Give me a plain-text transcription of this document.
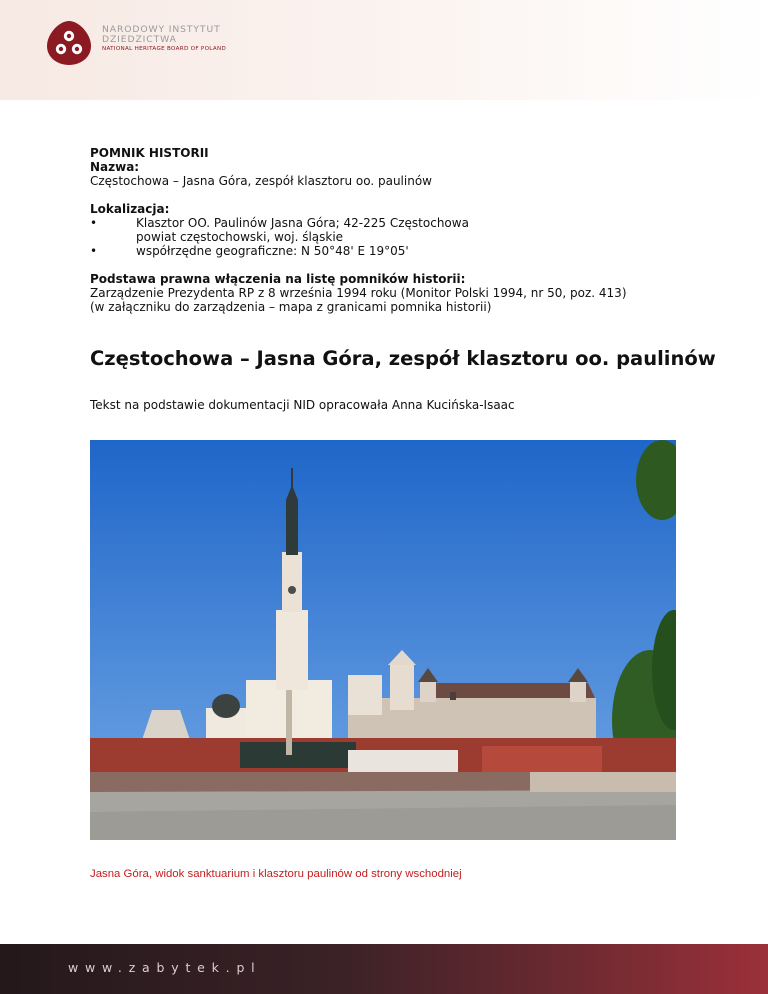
NARODOWY INSTYTUT
DZIEDZICTWA
NATIONAL HERITAGE BOARD OF POLAND
POMNIK HISTORII
Nazwa:
Częstochowa – Jasna Góra, zespół klasztoru oo. paulinów
Lokalizacja:
•	Klasztor OO. Paulinów Jasna Góra; 42-225 Częstochowa
powiat częstochowski, woj. śląskie
•	współrzędne geograficzne: N 50°48' E 19°05'
Podstawa prawna włączenia na listę pomników historii:
Zarządzenie Prezydenta RP z 8 września 1994 roku (Monitor Polski 1994, nr 50, poz. 413)
(w załączniku do zarządzenia – mapa z granicami pomnika historii)
Częstochowa – Jasna Góra, zespół klasztoru oo. paulinów
Tekst na podstawie dokumentacji NID opracowała Anna Kucińska-Isaac
Jasna Góra, widok sanktuarium i klasztoru paulinów od strony wschodniej
www.zabytek.pl
